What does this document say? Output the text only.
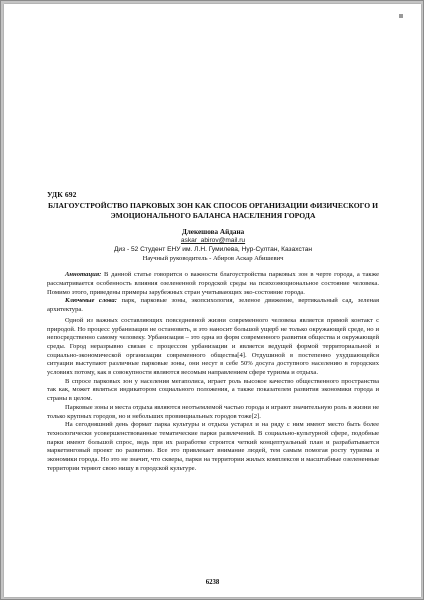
УДК 692
БЛАГОУСТРОЙСТВО ПАРКОВЫХ ЗОН КАК СПОСОБ ОРГАНИЗАЦИИ ФИЗИЧЕСКОГО И ЭМОЦИОНАЛЬНОГО БАЛАНСА НАСЕЛЕНИЯ ГОРОДА
Длекешова Айдана
askar_abirov@mail.ru
Диз - 52 Студент ЕНУ им. Л.Н. Гумилева, Нур-Султан, Казахстан
Научный руководитель - Абиров Аскар Абишевич

Аннотация: В данной статье говорится о важности благоустройства парковых зон в черте города, а также рассматривается особенность влияния озелененной городской среды на психоэмоциональное состояние человека. Помимо этого, приведены примеры зарубежных стран учитывающих эко-состояние города.

Ключевые слова: парк, парковые зоны, экопсихология, зеленое движение, вертикальный сад, зеленая архитектура.

Одной из важных составляющих повседневной жизни современного человека является прямой контакт с природой. Но процесс урбанизации не остановить, и это наносит большой ущерб не только окружающей среде, но и непосредственно самому человеку. Урбанизация – это одна из форм современного развития общества и окружающей среды. Город неразрывно связан с процессом урбанизации и является ведущей формой территориальной и социально-экономической организации современного общества[4]. Отдушиной в постепенно ухудшающейся ситуации выступают различные парковые зоны, они несут в себе 50% досуга доступного населению в городских условиях потому, как в совокупности являются весомым направлением сфере туризма и отдыха.

В спросе парковых зон у населения мегаполиса, играет роль высокое качество общественного пространства так как, может являться индикатором социального положения, а также показателем развития экономики города и страны в целом.

Парковые зоны и места отдыха являются неотъемлемой частью города и играют значительную роль в жизни не только крупных городов, но и небольших провинциальных городов тоже[2].

На сегодняшний день формат парка культуры и отдыха устарел и на ряду с ним имеют место быть более технологически усовершенствованные тематические парки развлечений. В социально-культурной сфере, подобные парки имеют большой спрос, ведь при их разработке строится четкий концептуальный план и разрабатывается маркетинговый проект по развитию. Все это привлекает внимание людей, тем самым помогая росту туризма и экономики города. Но это не значит, что скверы, парки на территории жилых комплексов и масштабные озелененные территории теряют свою нишу в городской культуре.

6238
